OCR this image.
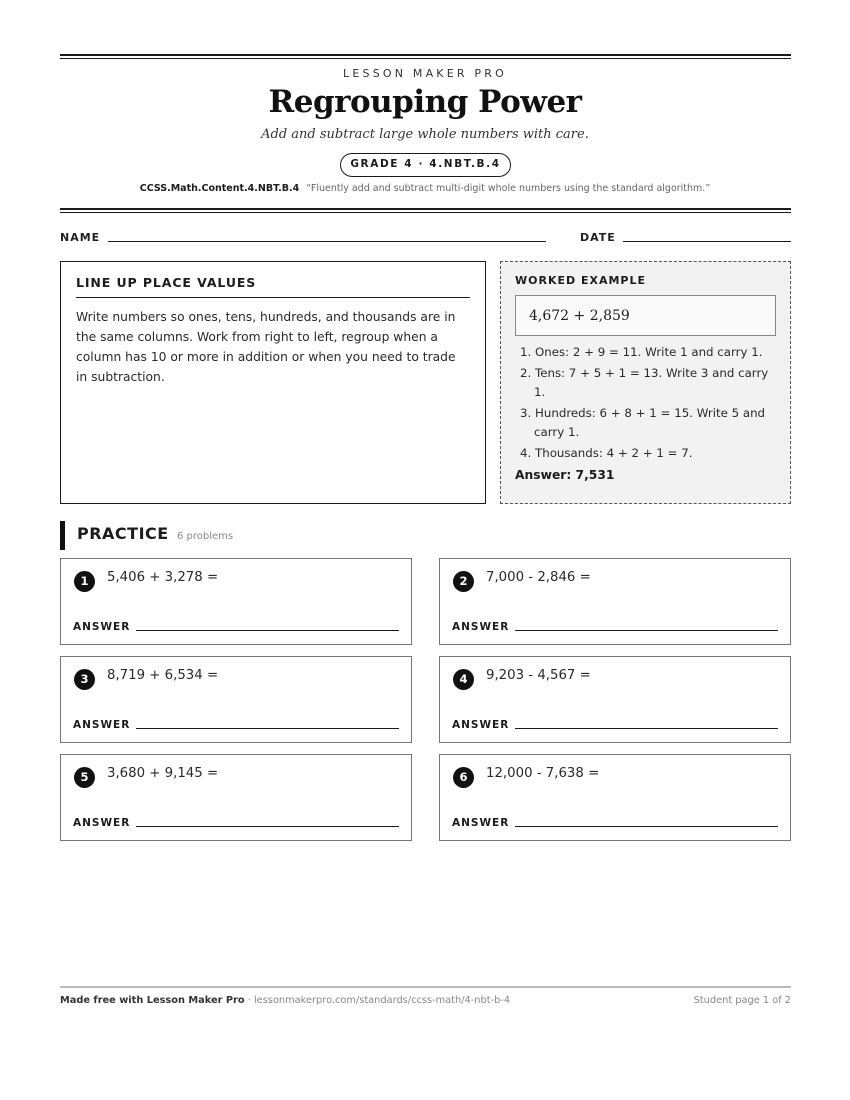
LESSON MAKER PRO
Regrouping Power
Add and subtract large whole numbers with care.
GRADE 4 · 4.NBT.B.4
CCSS.Math.Content.4.NBT.B.4 “Fluently add and subtract multi-digit whole numbers using the standard algorithm.”
NAME	DATE
LINE UP PLACE VALUES
Write numbers so ones, tens, hundreds, and thousands are in the same columns. Work from right to left, regroup when a column has 10 or more in addition or when you need to trade in subtraction.
WORKED EXAMPLE
4,672 + 2,859
1. Ones: 2 + 9 = 11. Write 1 and carry 1.
2. Tens: 7 + 5 + 1 = 13. Write 3 and carry 1.
3. Hundreds: 6 + 8 + 1 = 15. Write 5 and carry 1.
4. Thousands: 4 + 2 + 1 = 7.
Answer: 7,531
PRACTICE 6 problems
1	5,406 + 3,278 =
ANSWER
2	7,000 - 2,846 =
ANSWER
3	8,719 + 6,534 =
ANSWER
4	9,203 - 4,567 =
ANSWER
5	3,680 + 9,145 =
ANSWER
6	12,000 - 7,638 =
ANSWER
Made free with Lesson Maker Pro · lessonmakerpro.com/standards/ccss-math/4-nbt-b-4	Student page 1 of 2
